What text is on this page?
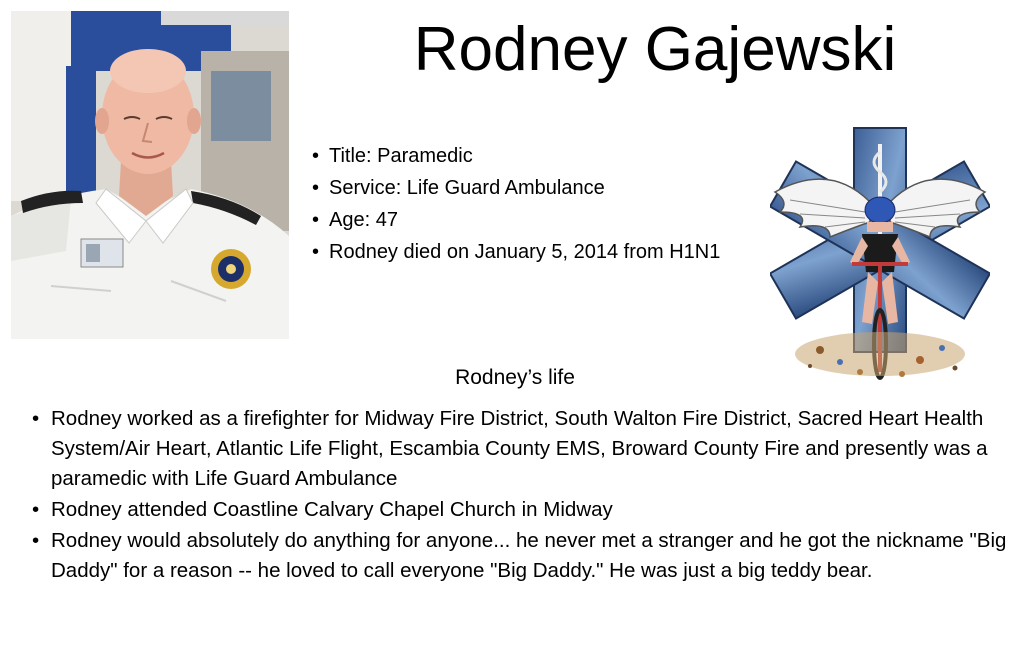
Rodney Gajewski
• Title: Paramedic
• Service: Life Guard Ambulance
• Age: 47
• Rodney died on January 5, 2014 from H1N1
Rodney’s life
• Rodney worked as a firefighter for Midway Fire District, South Walton Fire District, Sacred Heart Health System/Air Heart, Atlantic Life Flight, Escambia County EMS, Broward County Fire and presently was a paramedic with Life Guard Ambulance
• Rodney attended Coastline Calvary Chapel Church in Midway
• Rodney would absolutely do anything for anyone... he never met a stranger and he got the nickname "Big Daddy" for a reason -- he loved to call everyone "Big Daddy." He was just a big teddy bear.
